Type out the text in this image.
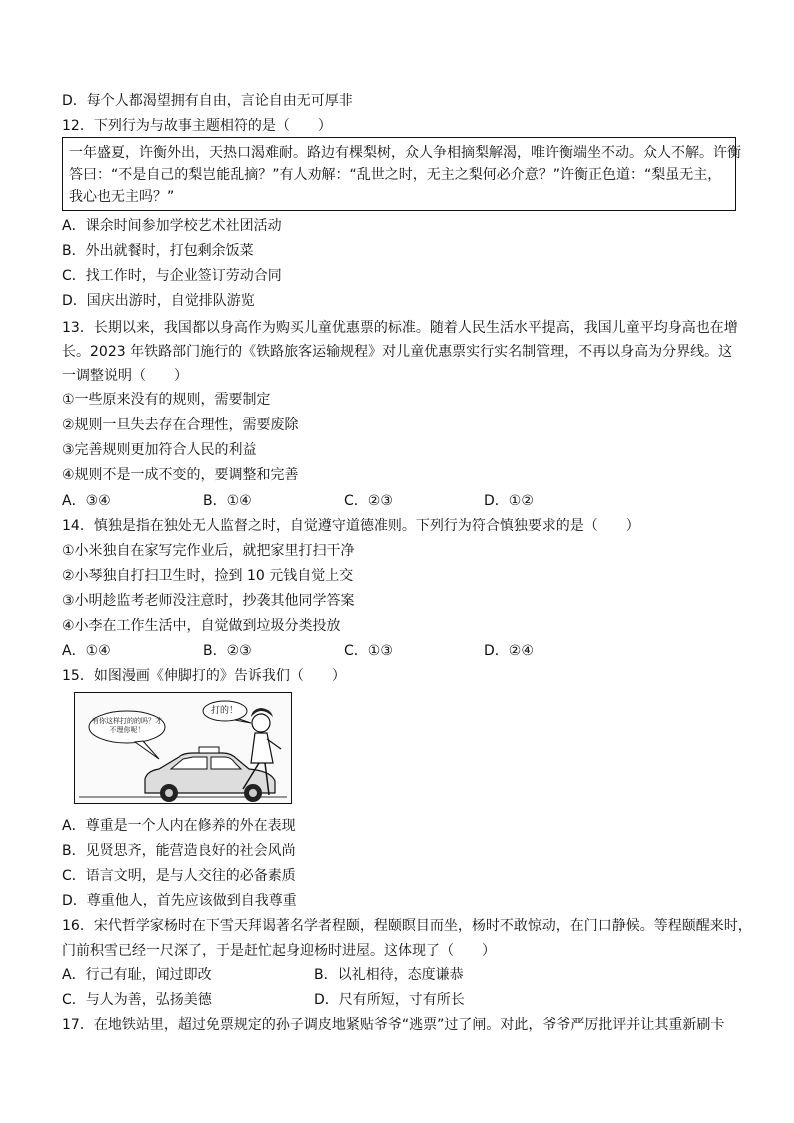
D．每个人都渴望拥有自由，言论自由无可厚非
12．下列行为与故事主题相符的是（　　）
一年盛夏，许衡外出，天热口渴难耐。路边有棵梨树，众人争相摘梨解渴，唯许衡端坐不动。众人不解。许衡
答曰：“不是自己的梨岂能乱摘？”有人劝解：“乱世之时，无主之梨何必介意？”许衡正色道：“梨虽无主，
我心也无主吗？”
A．课余时间参加学校艺术社团活动
B．外出就餐时，打包剩余饭菜
C．找工作时，与企业签订劳动合同
D．国庆出游时，自觉排队游览
13．长期以来，我国都以身高作为购买儿童优惠票的标准。随着人民生活水平提高，我国儿童平均身高也在增
长。2023 年铁路部门施行的《铁路旅客运输规程》对儿童优惠票实行实名制管理，不再以身高为分界线。这
一调整说明（　　）
①一些原来没有的规则，需要制定
②规则一旦失去存在合理性，需要废除
③完善规则更加符合人民的利益
④规则不是一成不变的，要调整和完善
A．③④	B．①④	C．②③	D．①②
14．慎独是指在独处无人监督之时，自觉遵守道德准则。下列行为符合慎独要求的是（　　）
①小米独自在家写完作业后，就把家里打扫干净
②小琴独自打扫卫生时，捡到 10 元钱自觉上交
③小明趁监考老师没注意时，抄袭其他同学答案
④小李在工作生活中，自觉做到垃圾分类投放
A．①④	B．②③	C．①③	D．②④
15．如图漫画《伸脚打的》告诉我们（　　）
有你这样打的的吗？才不理你呢！
打的！
A．尊重是一个人内在修养的外在表现
B．见贤思齐，能营造良好的社会风尚
C．语言文明，是与人交往的必备素质
D．尊重他人，首先应该做到自我尊重
16．宋代哲学家杨时在下雪天拜谒著名学者程颐，程颐瞑目而坐，杨时不敢惊动，在门口静候。等程颐醒来时，
门前积雪已经一尺深了，于是赶忙起身迎杨时进屋。这体现了（　　）
A．行己有耻，闻过即改	B．以礼相待，态度谦恭
C．与人为善，弘扬美德	D．尺有所短，寸有所长
17．在地铁站里，超过免票规定的孙子调皮地紧贴爷爷“逃票”过了闸。对此，爷爷严厉批评并让其重新刷卡
